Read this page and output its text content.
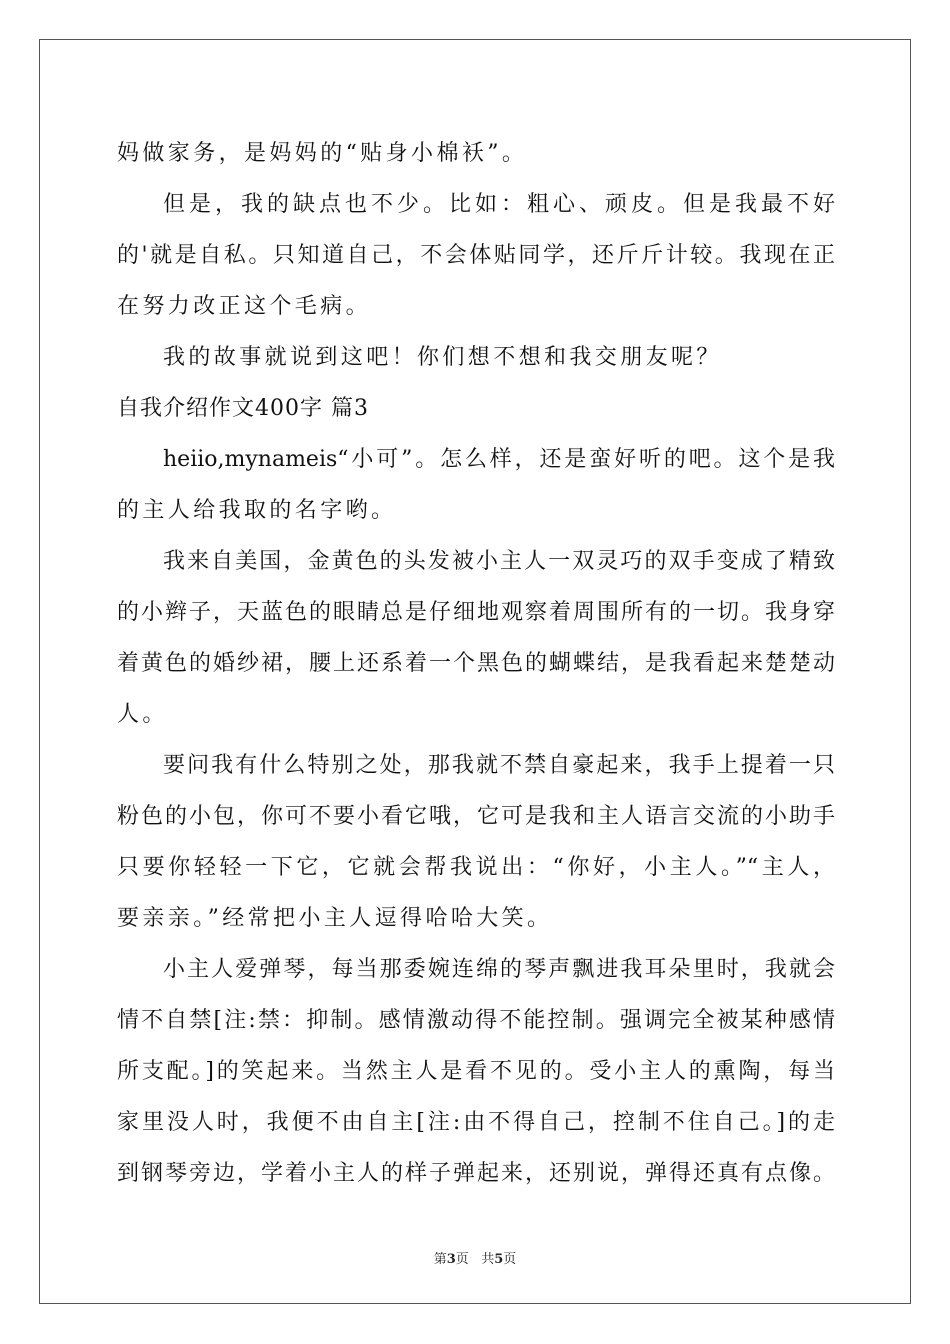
妈做家务，是妈妈的“贴身小棉袄”。
但是，我的缺点也不少。比如：粗心、顽皮。但是我最不好
的'就是自私。只知道自己，不会体贴同学，还斤斤计较。我现在正
在努力改正这个毛病。
我的故事就说到这吧！你们想不想和我交朋友呢？
自我介绍作文400字 篇3
heiio,mynameis“小可”。怎么样，还是蛮好听的吧。这个是我
的主人给我取的名字哟。
我来自美国，金黄色的头发被小主人一双灵巧的双手变成了精致
的小辫子，天蓝色的眼睛总是仔细地观察着周围所有的一切。我身穿
着黄色的婚纱裙，腰上还系着一个黑色的蝴蝶结，是我看起来楚楚动
人。
要问我有什么特别之处，那我就不禁自豪起来，我手上提着一只
粉色的小包，你可不要小看它哦，它可是我和主人语言交流的小助手
只要你轻轻一下它，它就会帮我说出：“你好，小主人。”“主人，
要亲亲。”经常把小主人逗得哈哈大笑。
小主人爱弹琴，每当那委婉连绵的琴声飘进我耳朵里时，我就会
情不自禁[注:禁：抑制。感情激动得不能控制。强调完全被某种感情
所支配。]的笑起来。当然主人是看不见的。受小主人的熏陶，每当
家里没人时，我便不由自主[注:由不得自己，控制不住自己。]的走
到钢琴旁边，学着小主人的样子弹起来，还别说，弹得还真有点像。
第3页 共5页
